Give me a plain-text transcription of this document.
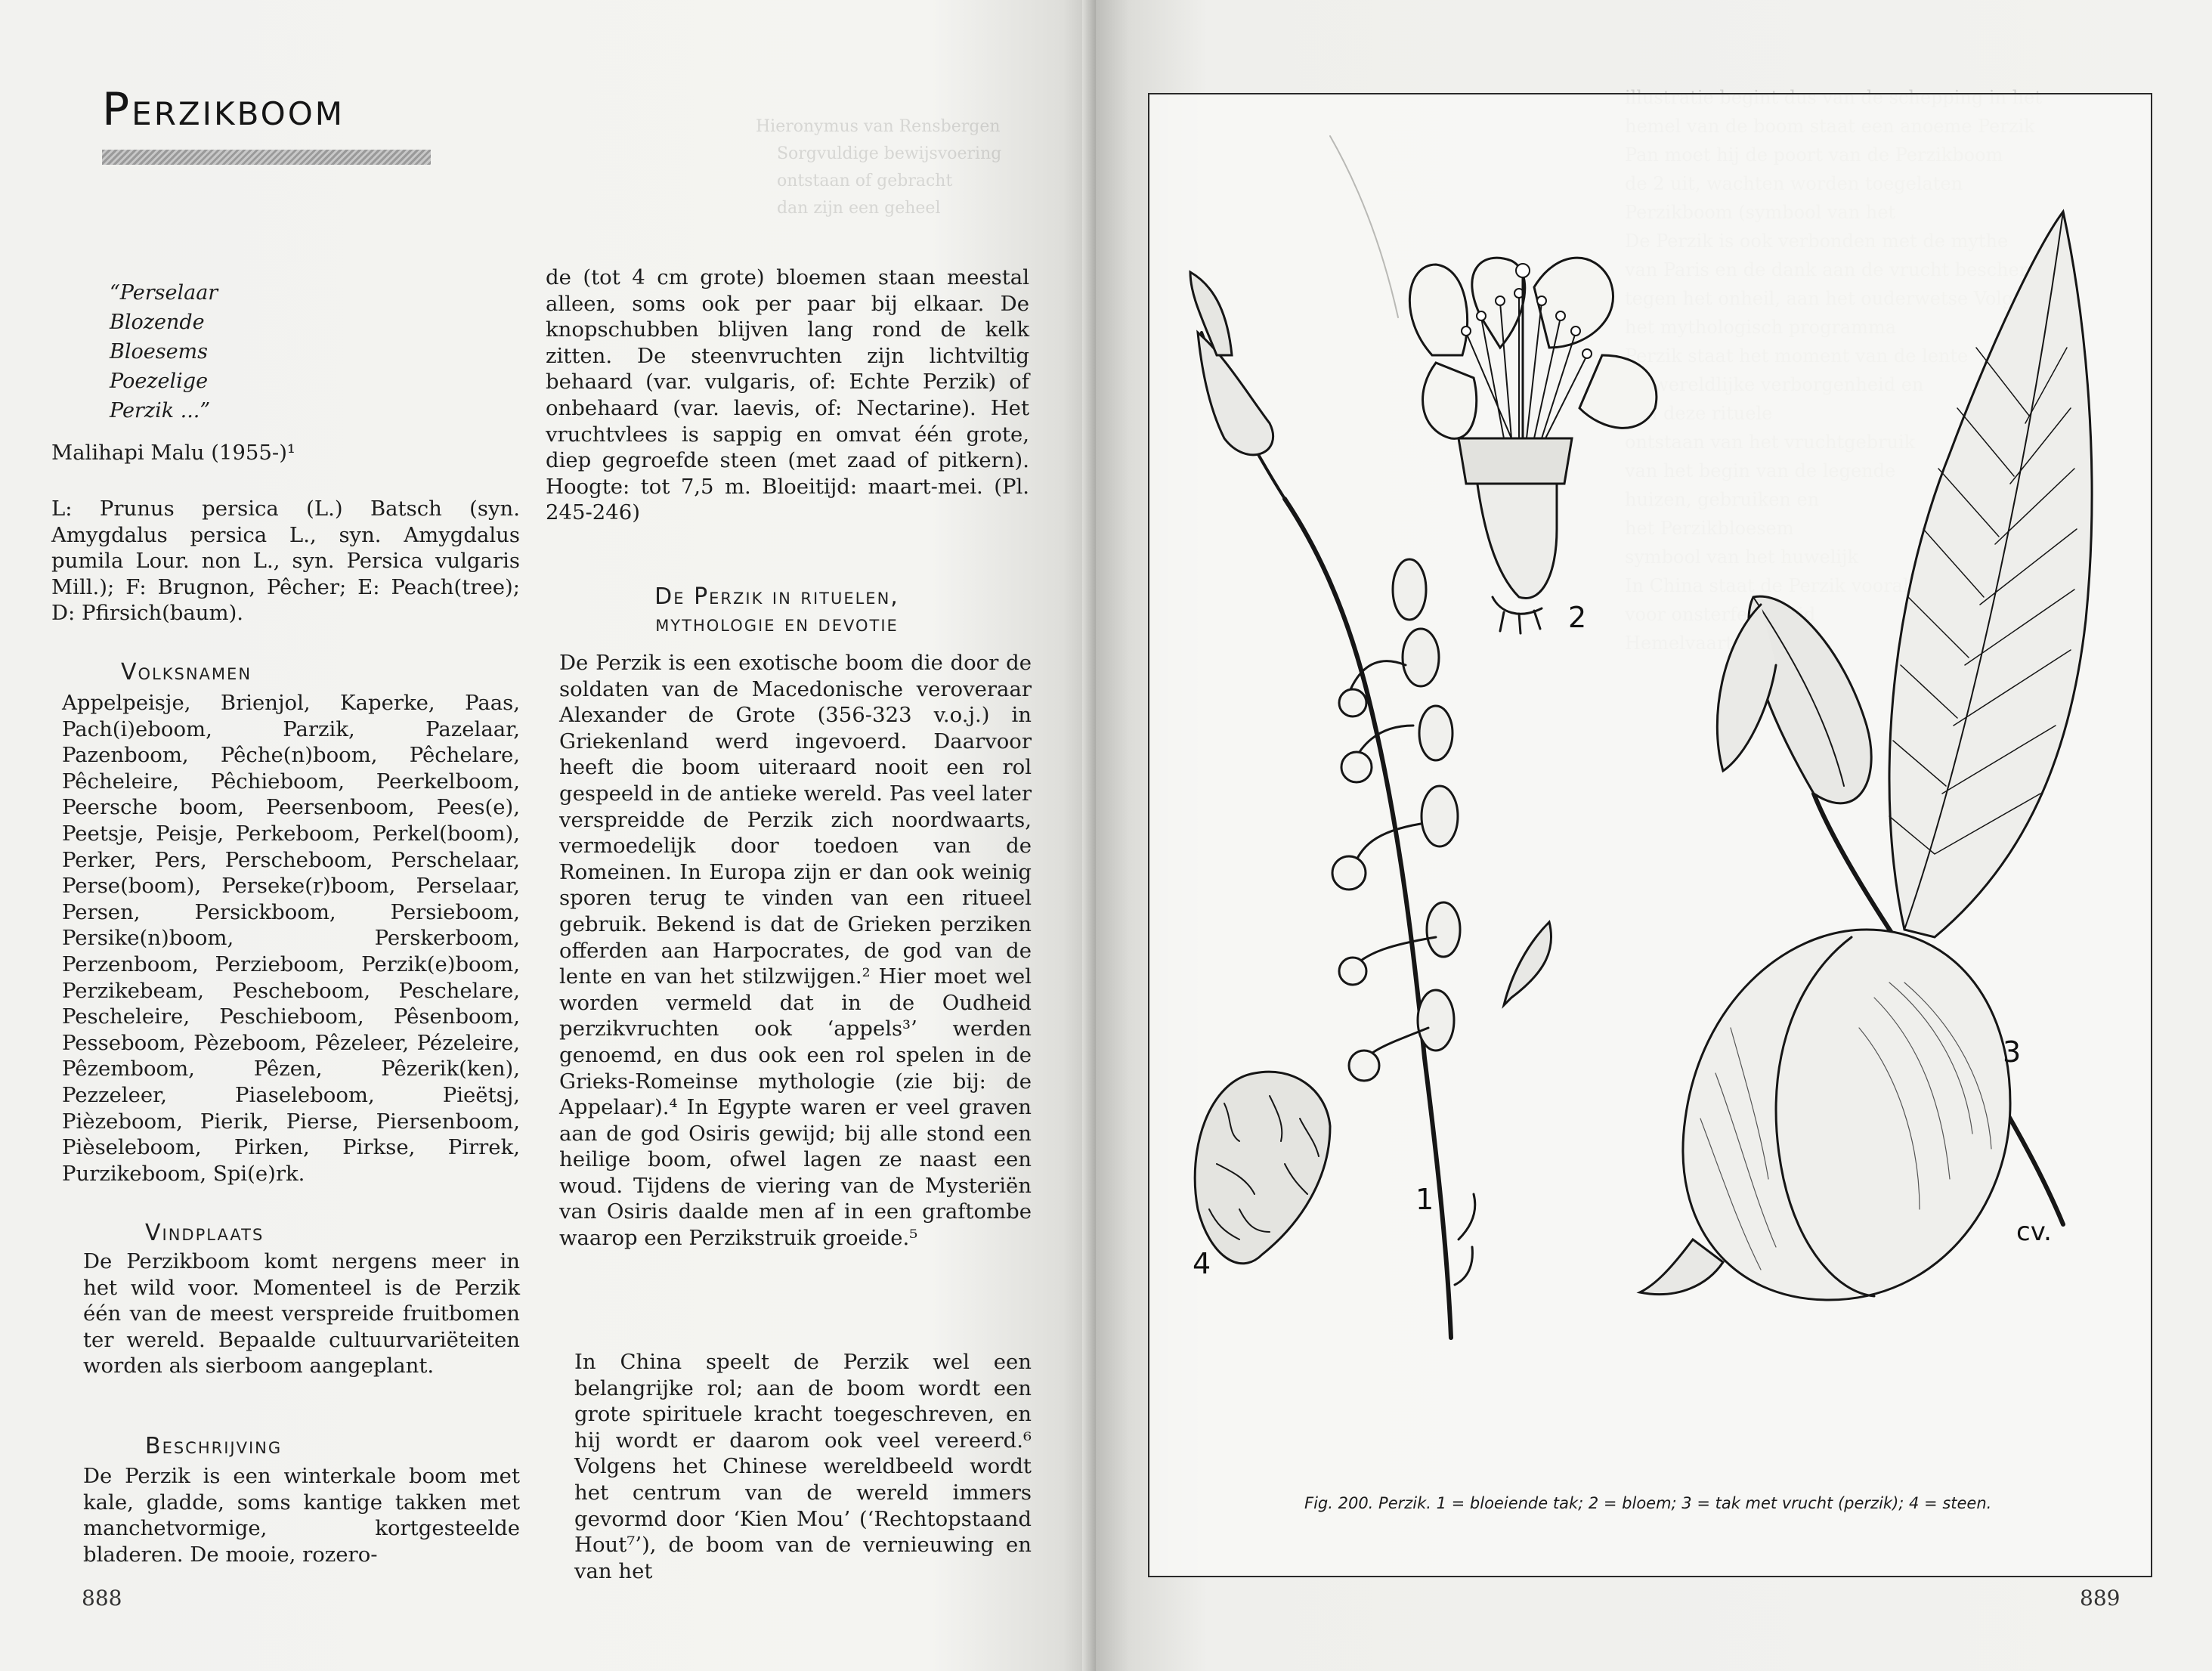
Hieronymus van Rensbergen
Sorgvuldige bewijsvoering
ontstaan of gebracht
dan zijn een geheel
Perzikboom
“Perselaar
Blozende
Bloesems
Poezelige
Perzik ...”
Malihapi Malu (1955-)¹
L: Prunus persica (L.) Batsch (syn. Amygdalus persica L., syn. Amygdalus pumila Lour. non L., syn. Persica vulgaris Mill.); F: Brugnon, Pêcher; E: Peach(tree); D: Pfirsich(baum).
Volksnamen
Appelpeisje, Brienjol, Kaperke, Paas, Pach(i)eboom, Parzik, Pazelaar, Pazenboom, Pêche(n)boom, Pêchelare, Pêcheleire, Pêchieboom, Peerkelboom, Peersche boom, Peersenboom, Pees(e), Peetsje, Peisje, Perkeboom, Perkel(boom), Perker, Pers, Perscheboom, Perschelaar, Perse(boom), Perseke(r)boom, Perselaar, Persen, Persickboom, Persieboom, Persike(n)boom, Perskerboom, Perzenboom, Perzieboom, Perzik(e)boom, Perzikebeam, Pescheboom, Peschelare, Pescheleire, Peschieboom, Pêsenboom, Pesseboom, Pèzeboom, Pêzeleer, Pézeleire, Pêzemboom, Pêzen, Pêzerik(ken), Pezzeleer, Piaseleboom, Pieëtsj, Pièzeboom, Pierik, Pierse, Piersenboom, Pièseleboom, Pirken, Pirkse, Pirrek, Purzikeboom, Spi(e)rk.
Vindplaats
De Perzikboom komt nergens meer in het wild voor. Momenteel is de Perzik één van de meest verspreide fruitbomen ter wereld. Bepaalde cultuurvariëteiten worden als sierboom aangeplant.
Beschrijving
De Perzik is een winterkale boom met kale, gladde, soms kantige takken met manchetvormige, kortgesteelde bladeren. De mooie, rozero-
de (tot 4 cm grote) bloemen staan meestal alleen, soms ook per paar bij elkaar. De knopschubben blijven lang rond de kelk zitten. De steenvruchten zijn lichtviltig behaard (var. vulgaris, of: Echte Perzik) of onbehaard (var. laevis, of: Nectarine). Het vruchtvlees is sappig en omvat één grote, diep gegroefde steen (met zaad of pitkern). Hoogte: tot 7,5 m. Bloeitijd: maart-mei. (Pl. 245-246)
De Perzik in rituelen,
mythologie en devotie
De Perzik is een exotische boom die door de soldaten van de Macedonische veroveraar Alexander de Grote (356-323 v.o.j.) in Griekenland werd ingevoerd. Daarvoor heeft die boom uiteraard nooit een rol gespeeld in de antieke wereld. Pas veel later verspreidde de Perzik zich noordwaarts, vermoedelijk door toedoen van de Romeinen. In Europa zijn er dan ook weinig sporen terug te vinden van een ritueel gebruik. Bekend is dat de Grieken perziken offerden aan Harpocrates, de god van de lente en van het stilzwijgen.² Hier moet wel worden vermeld dat in de Oudheid perzikvruchten ook ‘appels³’ werden genoemd, en dus ook een rol spelen in de Grieks-Romeinse mythologie (zie bij: de Appelaar).⁴ In Egypte waren er veel graven aan de god Osiris gewijd; bij alle stond een heilige boom, ofwel lagen ze naast een woud. Tijdens de viering van de Mysteriën van Osiris daalde men af in een graftombe waarop een Perzikstruik groeide.⁵
In China speelt de Perzik wel een belangrijke rol; aan de boom wordt een grote spirituele kracht toegeschreven, en hij wordt er daarom ook veel vereerd.⁶ Volgens het Chinese wereldbeeld wordt het centrum van de wereld immers gevormd door ‘Kien Mou’ (‘Rechtopstaand Hout⁷’), de boom van de vernieuwing en van het
888	889
1
2
3
4
cv.
Fig. 200. Perzik. 1 = bloeiende tak; 2 = bloem; 3 = tak met vrucht (perzik); 4 = steen.
